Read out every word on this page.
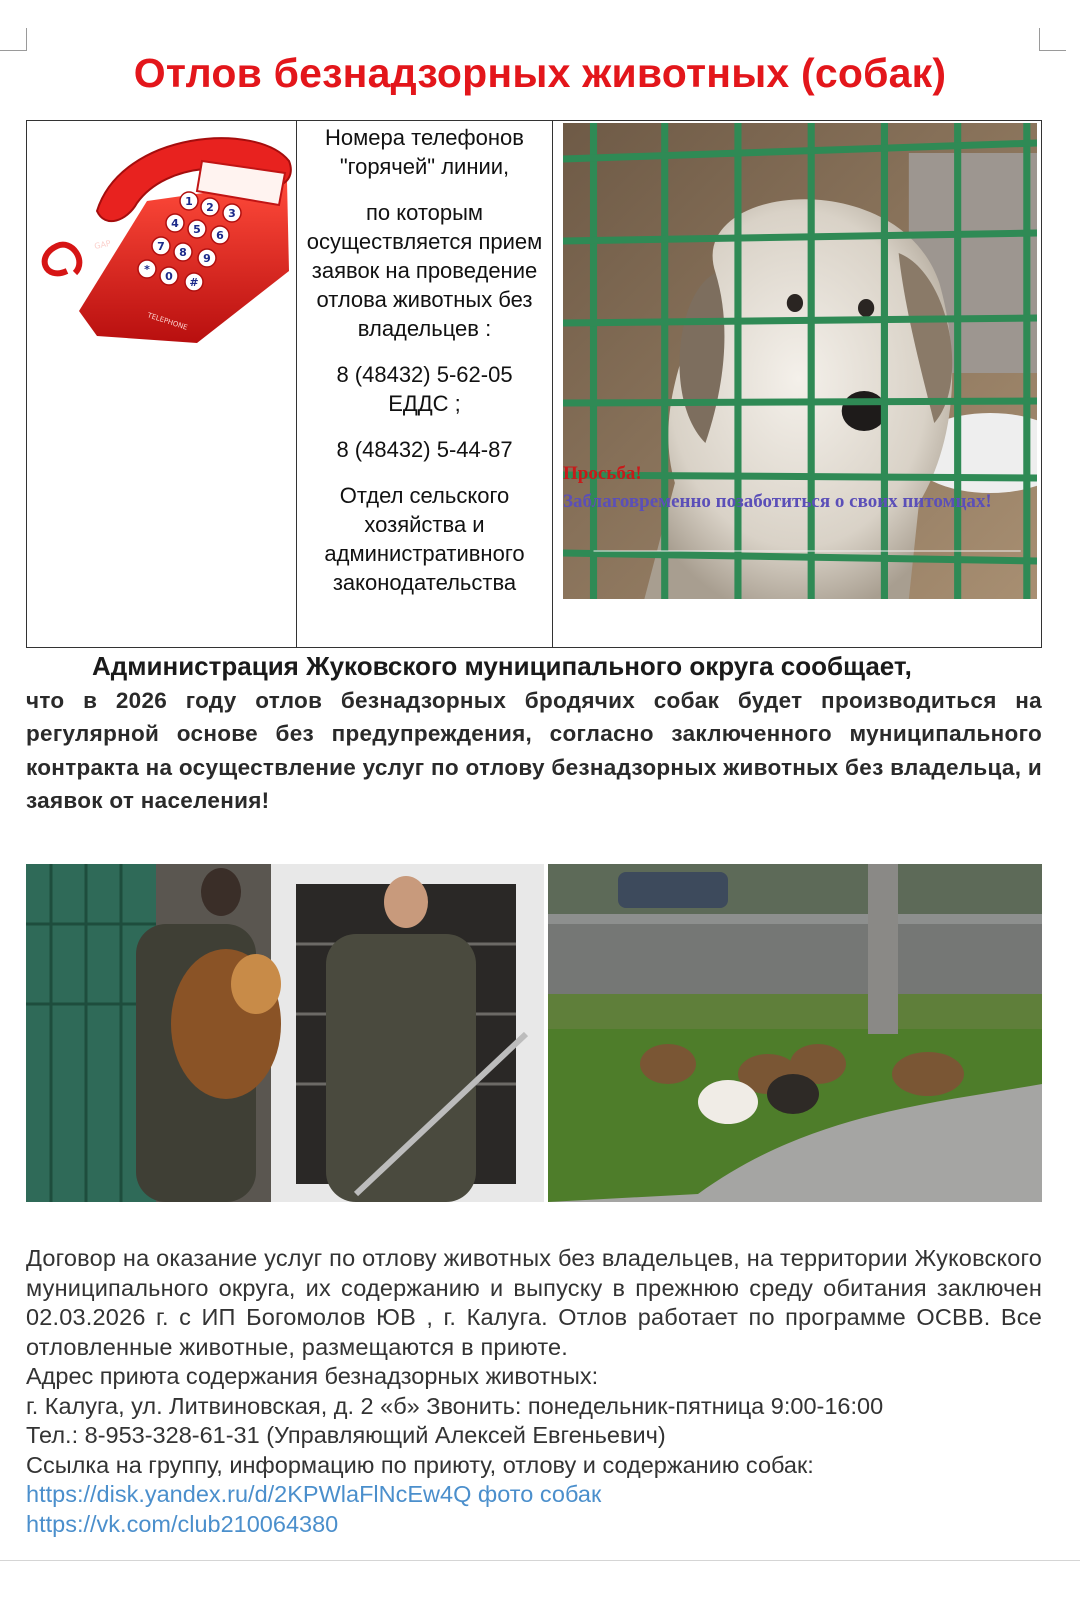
Отлов безнадзорных животных (собак)
1 2 3
4 5 6
7 8 9
*
0 #
GAP
TELEPHONE

Номера телефонов "горячей" линии,

по которым осуществляется прием заявок на проведение отлова животных без владельцев :

8 (48432) 5-62-05
ЕДДС ;

8 (48432) 5-44-87

Отдел сельского хозяйства и административного законодательства

Просьба!
Заблаговременно позаботиться о своих питомцах!
Администрация Жуковского муниципального округа сообщает,
что в 2026 году отлов безнадзорных бродячих собак будет производиться на регулярной основе без предупреждения, согласно заключенного муниципального контракта на осуществление услуг по отлову безнадзорных животных без владельца, и заявок от населения!
Договор на оказание услуг по отлову животных без владельцев, на территории Жуковского муниципального округа, их содержанию и выпуску в прежнюю среду обитания заключен 02.03.2026 г. с ИП Богомолов ЮВ , г. Калуга. Отлов работает по программе ОСВВ. Все отловленные животные, размещаются в приюте.
Адрес приюта содержания безнадзорных животных:
г. Калуга, ул. Литвиновская, д. 2 «б» Звонить: понедельник-пятница 9:00-16:00
Тел.: 8-953-328-61-31 (Управляющий Алексей Евгеньевич)
Ссылка на группу, информацию по приюту, отлову и содержанию собак:
https://disk.yandex.ru/d/2KPWlaFlNcEw4Q фото собак
https://vk.com/club210064380
